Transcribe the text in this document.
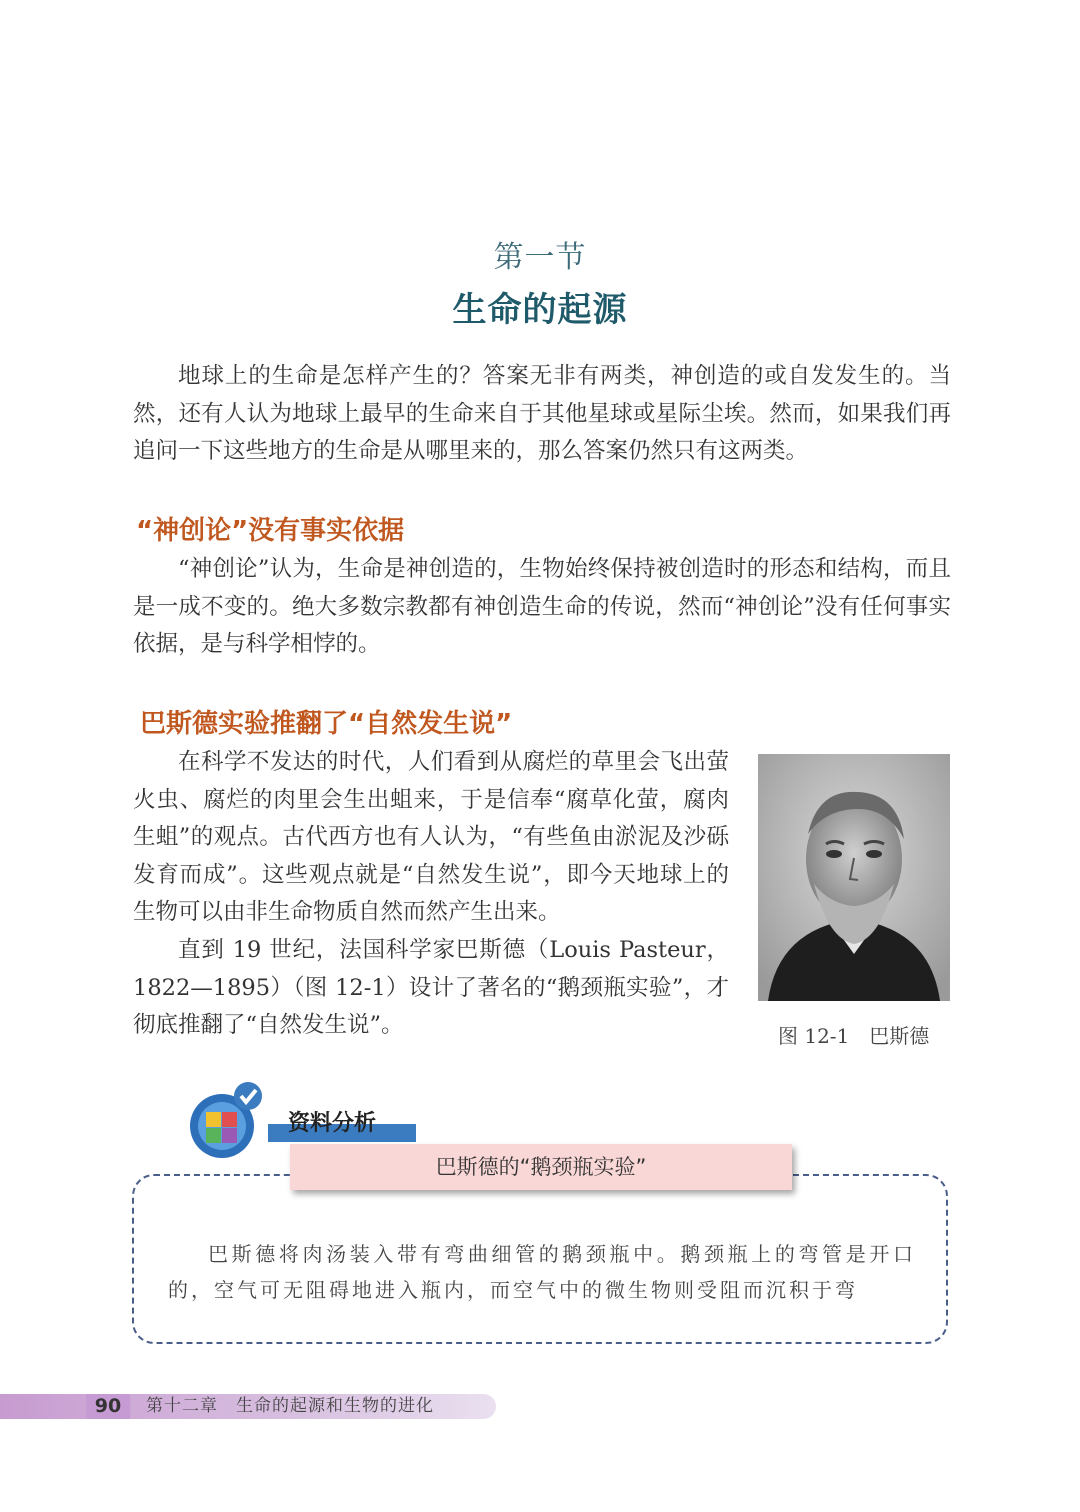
第一节
生命的起源
地球上的生命是怎样产生的？答案无非有两类，神创造的或自发发生的。当然，还有人认为地球上最早的生命来自于其他星球或星际尘埃。然而，如果我们再追问一下这些地方的生命是从哪里来的，那么答案仍然只有这两类。
“神创论”没有事实依据
“神创论”认为，生命是神创造的，生物始终保持被创造时的形态和结构，而且是一成不变的。绝大多数宗教都有神创造生命的传说，然而“神创论”没有任何事实依据，是与科学相悖的。
巴斯德实验推翻了“自然发生说”
在科学不发达的时代，人们看到从腐烂的草里会飞出萤火虫、腐烂的肉里会生出蛆来，于是信奉“腐草化萤，腐肉生蛆”的观点。古代西方也有人认为，“有些鱼由淤泥及沙砾发育而成”。这些观点就是“自然发生说”，即今天地球上的生物可以由非生命物质自然而然产生出来。
直到 19 世纪，法国科学家巴斯德（Louis Pasteur，1822—1895）（图 12-1）设计了著名的“鹅颈瓶实验”，才彻底推翻了“自然发生说”。	图 12-1　巴斯德
资料分析
巴斯德的“鹅颈瓶实验”
巴斯德将肉汤装入带有弯曲细管的鹅颈瓶中。鹅颈瓶上的弯管是开口的，空气可无阻碍地进入瓶内，而空气中的微生物则受阻而沉积于弯
90	第十二章　生命的起源和生物的进化
